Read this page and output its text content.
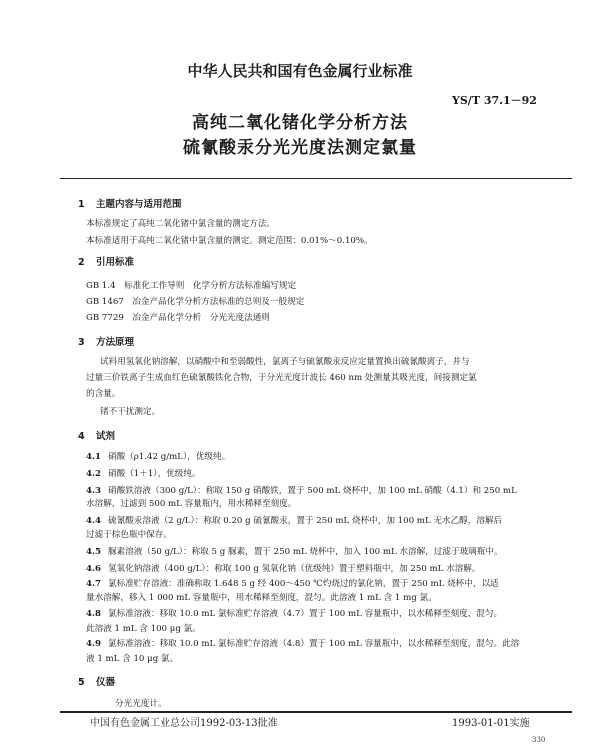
中华人民共和国有色金属行业标准
YS/T 37.1－92
高纯二氧化锗化学分析方法
硫氰酸汞分光光度法测定氯量
1 主题内容与适用范围
本标准规定了高纯二氧化锗中氯含量的测定方法。
本标准适用于高纯二氧化锗中氯含量的测定。测定范围：0.01%～0.10%。
2 引用标准
GB 1.4　标准化工作导则　化学分析方法标准编写规定
GB 1467　冶金产品化学分析方法标准的总则及一般规定
GB 7729　冶金产品化学分析　分光光度法通则
3 方法原理
试料用氢氧化钠溶解，以硝酸中和至弱酸性，氯离子与硫氰酸汞反应定量置换出硫氰酸离子，并与
过量三价铁离子生成血红色硫氰酸铁化合物，于分光光度计波长 460 nm 处测量其吸光度，间接测定氯
的含量。
锗不干扰测定。
4 试剂
4.1 硝酸（ρ1.42 g/mL），优级纯。
4.2 硝酸（1＋1），优级纯。
4.3 硝酸铁溶液（300 g/L）：称取 150 g 硝酸铁，置于 500 mL 烧杯中，加 100 mL 硝酸（4.1）和 250 mL
水溶解，过滤到 500 mL 容量瓶内，用水稀释至刻度。
4.4 硫氰酸汞溶液（2 g/L）：称取 0.20 g 硫氰酸汞，置于 250 mL 烧杯中，加 100 mL 无水乙醇，溶解后
过滤于棕色瓶中保存。
4.5 脲素溶液（50 g/L）：称取 5 g 脲素，置于 250 mL 烧杯中，加入 100 mL 水溶解，过滤于玻璃瓶中。
4.6 氢氧化钠溶液（400 g/L）：称取 100 g 氢氧化钠（优级纯）置于塑料瓶中，加 250 mL 水溶解。
4.7 氯标准贮存溶液：准确称取 1.648 5 g 经 400～450 ℃灼烧过的氯化钠，置于 250 mL 烧杯中，以适
量水溶解，移入 1 000 mL 容量瓶中，用水稀释至刻度，混匀。此溶液 1 mL 含 1 mg 氯。
4.8 氯标准溶液：移取 10.0 mL 氯标准贮存溶液（4.7）置于 100 mL 容量瓶中，以水稀释至刻度，混匀。
此溶液 1 mL 含 100 μg 氯。
4.9 氯标准溶液：移取 10.0 mL 氯标准贮存溶液（4.8）置于 100 mL 容量瓶中，以水稀释至刻度，混匀。此溶
液 1 mL 含 10 μg 氯。
5 仪器
分光光度计。
中国有色金属工业总公司1992-03-13批准	1993-01-01实施
330
